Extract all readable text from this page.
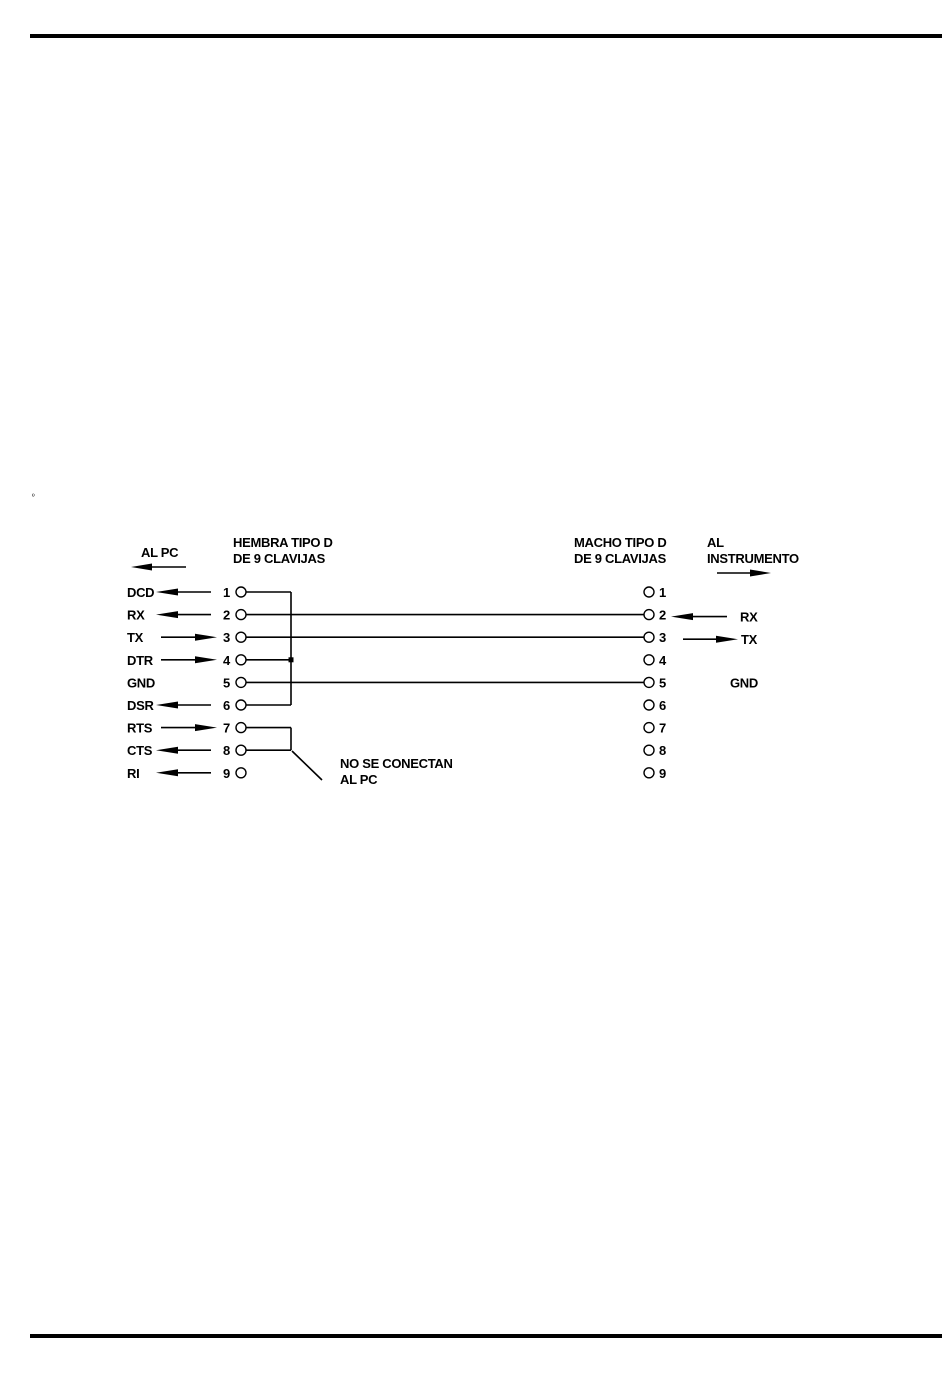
º
AL PC
HEMBRA TIPO D
DE 9 CLAVIJAS
MACHO TIPO D
DE 9 CLAVIJAS
AL
INSTRUMENTO
DCD	1
RX	2
TX	3
DTR	4
GND	5
DSR	6
RTS	7
CTS	8
RI	9
1
2	RX
3	TX
4
5	GND
6
7
8
9
NO SE CONECTAN
AL PC
